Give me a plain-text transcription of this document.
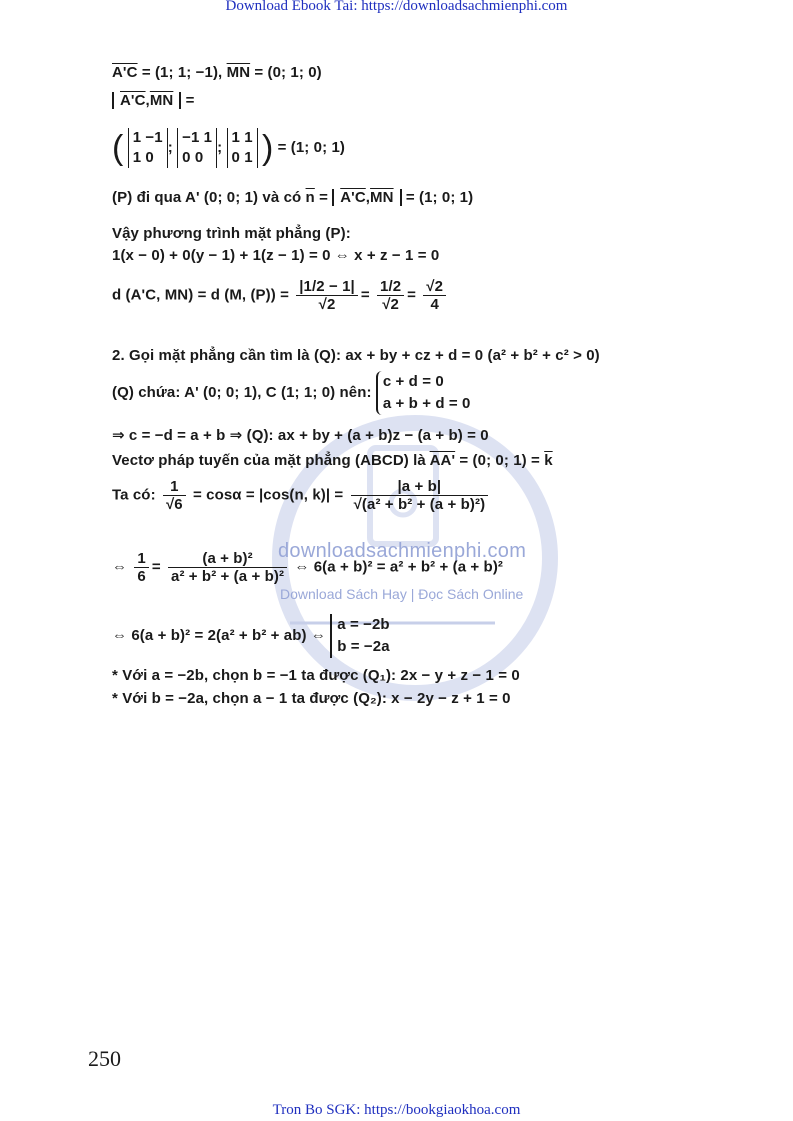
Download Ebook Tai: https://downloadsachmienphi.com
downloadsachmienphi.com
Download Sách Hay | Đọc Sách Online
A'C = (1; 1; −1), $\overline{MN} = (0$; 1; 0)
$A'C,\overline{MN}$ =
( 1 −1
1 0; −1 1
0 0; 1 1
0 1 ) = (1; 0; 1)
(P) đi qua A' (0; 0; 1) và có $\overline{n} = A'C,\overline{MN} = (1$; 0; 1)
Vậy phương trình mặt phẳng (P):
1(x − 0) + 0(y − 1) + 1(z − 1) = 0 ⇔ x + z − 1 = 0
d (A'C, MN) = d (M, $(P)) = \frac{|1/2 - 1|}{√2} = \frac{1/2}{√2} = \frac{√2}{4}$
2. Gọi mặt phẳng cần tìm là (Q): ax + by + cz + d = 0 (a² + b² + c² > 0)
(Q) chứa: A' (0; 0; 1), C (1; 1; 0) nên: c + d = 0
a + b + d = 0
⇒ c = −d = a + b ⇒ (Q): ax + by + (a + b)z − (a + b) = 0
Vectơ pháp tuyến của mặt phẳng (ABCD) là AA' = (0; 0; $1) = \overline{k}$
Ta có: $\frac{1}{√6} = \cos\alpha = |\cos(n$, $k)| = \frac{|a + b|}{\text{√(a² + b² + (a + b)²)}}$
⇔ $\frac{1}{6} = \frac{\text{(a + b)²}}{\text{a² + b² + (a + b)²}}$ ⇔ 6(a + b)² = a² + b² + (a + b)²
⇔ 6(a + b)² = 2(a² + b² + ab) ⇔ a = −2b
b = −2a
* Với a = −2b, chọn b = −1 ta được (Q₁): 2x − y + z − 1 = 0
* Với b = −2a, chọn a − 1 ta được (Q₂): x − 2y − z + 1 = 0
250
Tron Bo SGK: https://bookgiaokhoa.com
